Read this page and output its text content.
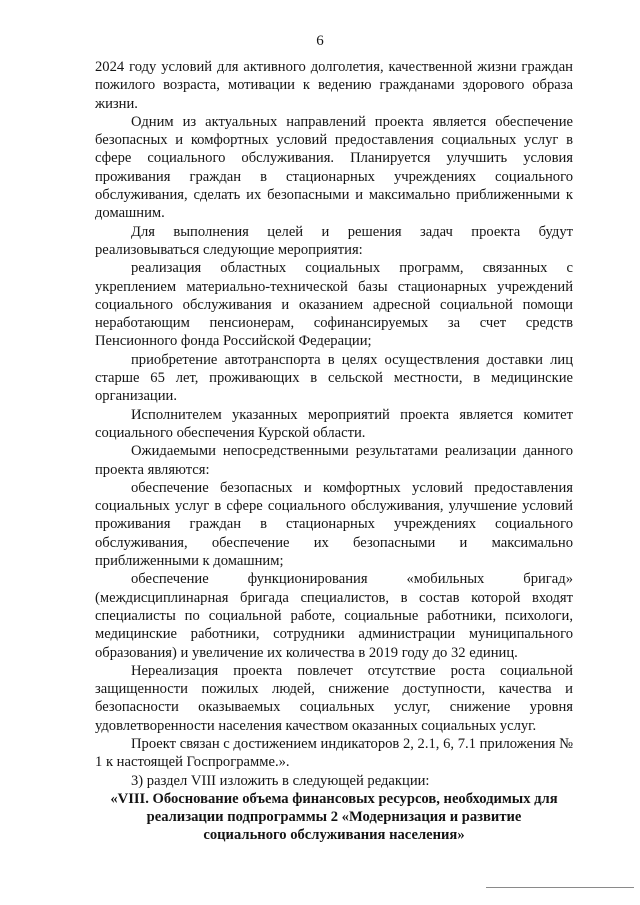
6

2024 году условий для активного долголетия, качественной жизни граждан пожилого возраста, мотивации к ведению гражданами здорового образа жизни.

Одним из актуальных направлений проекта является обеспечение безопасных и комфортных условий предоставления социальных услуг в сфере социального обслуживания. Планируется улучшить условия проживания граждан в стационарных учреждениях социального обслуживания, сделать их безопасными и максимально приближенными к домашним.

Для выполнения целей и решения задач проекта будут реализовываться следующие мероприятия:

реализация областных социальных программ, связанных с укреплением материально-технической базы стационарных учреждений социального обслуживания и оказанием адресной социальной помощи неработающим пенсионерам, софинансируемых за счет средств Пенсионного фонда Российской Федерации;

приобретение автотранспорта в целях осуществления доставки лиц старше 65 лет, проживающих в сельской местности, в медицинские организации.

Исполнителем указанных мероприятий проекта является комитет социального обеспечения Курской области.

Ожидаемыми непосредственными результатами реализации данного проекта являются:

обеспечение безопасных и комфортных условий предоставления социальных услуг в сфере социального обслуживания, улучшение условий проживания граждан в стационарных учреждениях социального обслуживания, обеспечение их безопасными и максимально приближенными к домашним;

обеспечение функционирования «мобильных бригад» (междисциплинарная бригада специалистов, в состав которой входят специалисты по социальной работе, социальные работники, психологи, медицинские работники, сотрудники администрации муниципального образования) и увеличение их количества в 2019 году до 32 единиц.

Нереализация проекта повлечет отсутствие роста социальной защищенности пожилых людей, снижение доступности, качества и безопасности оказываемых социальных услуг, снижение уровня удовлетворенности населения качеством оказанных социальных услуг.

Проект связан с достижением индикаторов 2, 2.1, 6, 7.1 приложения № 1 к настоящей Госпрограмме.».

3) раздел VIII изложить в следующей редакции:

«VIII. Обоснование объема финансовых ресурсов, необходимых для реализации подпрограммы 2 «Модернизация и развитие социального обслуживания населения»
